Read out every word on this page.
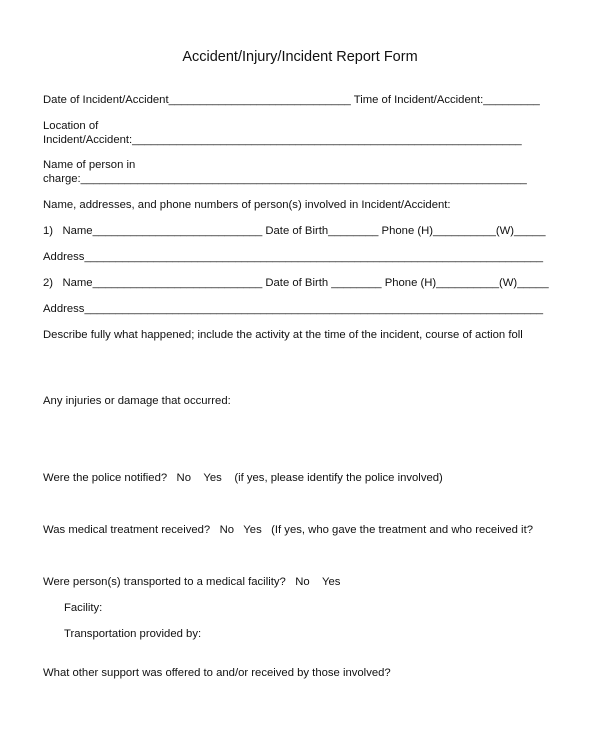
Accident/Injury/Incident Report Form
Date of Incident/Accident_____________________________ Time of Incident/Accident:_________
Location of
Incident/Accident:______________________________________________________________
Name of person in
charge:_______________________________________________________________________
Name, addresses, and phone numbers of person(s) involved in Incident/Accident:
1)   Name___________________________ Date of Birth________ Phone (H)__________(W)_____
Address_________________________________________________________________________
2)   Name___________________________ Date of Birth ________ Phone (H)__________(W)_____
Address_________________________________________________________________________
Describe fully what happened; include the activity at the time of the incident, course of action foll
Any injuries or damage that occurred:
Were the police notified?   No    Yes    (if yes, please identify the police involved)
Was medical treatment received?   No   Yes   (If yes, who gave the treatment and who received it?
Were person(s) transported to a medical facility?   No    Yes
Facility:
Transportation provided by:
What other support was offered to and/or received by those involved?
